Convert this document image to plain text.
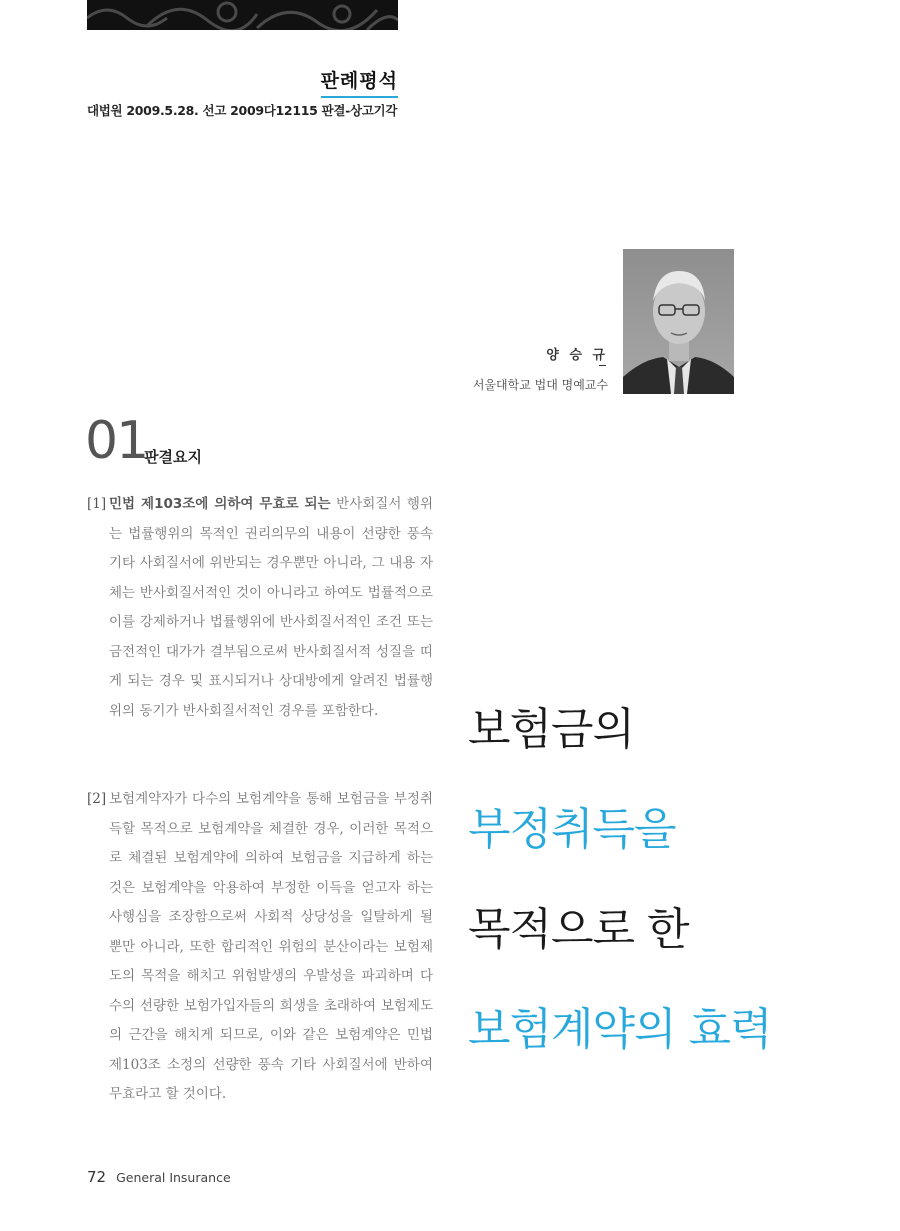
판례평석
대법원 2009.5.28. 선고 2009다12115 판결-상고기각
양 승 규
서울대학교 법대 명예교수
01
판결요지
[1] 민법 제103조에 의하여 무효로 되는 반사회질서 행위는 법률행위의 목적인 권리의무의 내용이 선량한 풍속 기타 사회질서에 위반되는 경우뿐만 아니라, 그 내용 자체는 반사회질서적인 것이 아니라고 하여도 법률적으로 이를 강제하거나 법률행위에 반사회질서적인 조건 또는 금전적인 대가가 결부됨으로써 반사회질서적 성질을 띠게 되는 경우 및 표시되거나 상대방에게 알려진 법률행위의 동기가 반사회질서적인 경우를 포함한다.
[2] 보험계약자가 다수의 보험계약을 통해 보험금을 부정취득할 목적으로 보험계약을 체결한 경우, 이러한 목적으로 체결된 보험계약에 의하여 보험금을 지급하게 하는 것은 보험계약을 악용하여 부정한 이득을 얻고자 하는 사행심을 조장함으로써 사회적 상당성을 일탈하게 될 뿐만 아니라, 또한 합리적인 위험의 분산이라는 보험제도의 목적을 해치고 위험발생의 우발성을 파괴하며 다수의 선량한 보험가입자들의 희생을 초래하여 보험제도의 근간을 해치게 되므로, 이와 같은 보험계약은 민법 제103조 소정의 선량한 풍속 기타 사회질서에 반하여 무효라고 할 것이다.
보험금의
부정취득을
목적으로 한
보험계약의 효력
72 General Insurance
